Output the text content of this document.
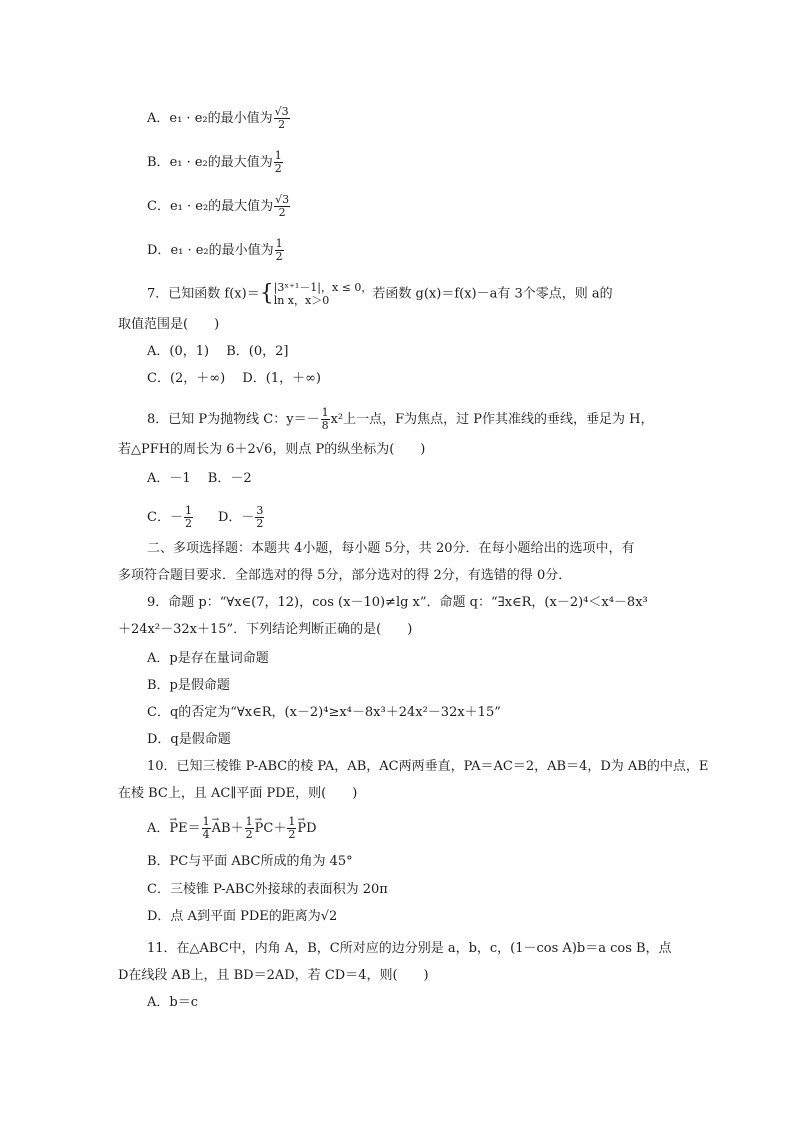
A．e₁ · e₂的最小值为 $\frac{√3}{2}$
B．e₁ · e₂的最大值为 $\frac{1}{2}$
C．e₁ · e₂的最大值为 $\frac{√3}{2}$
D．e₁ · e₂的最小值为 $\frac{1}{2}$
7．已知函数 f(x)＝{ |3ˣ⁺¹－1|，x ≤ 0，
ln x，x＞0	若函数 g(x)＝f(x)－a有 3个零点，则 a的
取值范围是(　　)
A．(0，1)　 B．(0，2]
C．(2，＋∞)　 D．(1，＋∞)
8．已知 P为抛物线 C：$y=- \frac{1}{8} x^2$上一点，F为焦点，过 P作其准线的垂线，垂足为 H，
若△PFH的周长为 6＋2√6，则点 P的纵坐标为(　　)
A．－1　 B．－2
C．－ $\frac{1}{2}$ D．－ $\frac{3}{2}$
二、多项选择题：本题共 4小题，每小题 5分，共 20分．在每小题给出的选项中，有
多项符合题目要求．全部选对的得 5分，部分选对的得 2分，有选错的得 0分．
9．命题 p：“∀x∈(7，12)，cos (x－10)≠lg x”．命题 q：“∃x∈R，(x－2)⁴＜x⁴－8x³
＋24x²－32x＋15”．下列结论判断正确的是(　　)
A．p是存在量词命题
B．p是假命题
C．q的否定为“∀x∈R，(x－2)⁴≥x⁴－8x³＋24x²－32x＋15”
D．q是假命题
10．已知三棱锥 P-ABC的棱 PA，AB，AC两两垂直，PA＝AC＝2，AB＝4，D为 AB的中点，E
在棱 BC上，且 AC∥平面 PDE，则(　　)
A．→ $PE= \frac{1}{4}$
→ $AB+ \frac{1}{2}$
→ $PC+ \frac{1}{2}$
→ PD
B．PC与平面 ABC所成的角为 45°
C．三棱锥 P-ABC外接球的表面积为 20π
D．点 A到平面 PDE的距离为√2
11．在△ABC中，内角 A，B，C所对应的边分别是 a，b，c，(1－cos A)b＝a cos B，点
D在线段 AB上，且 BD＝2AD，若 CD＝4，则(　　)
A．b＝c
